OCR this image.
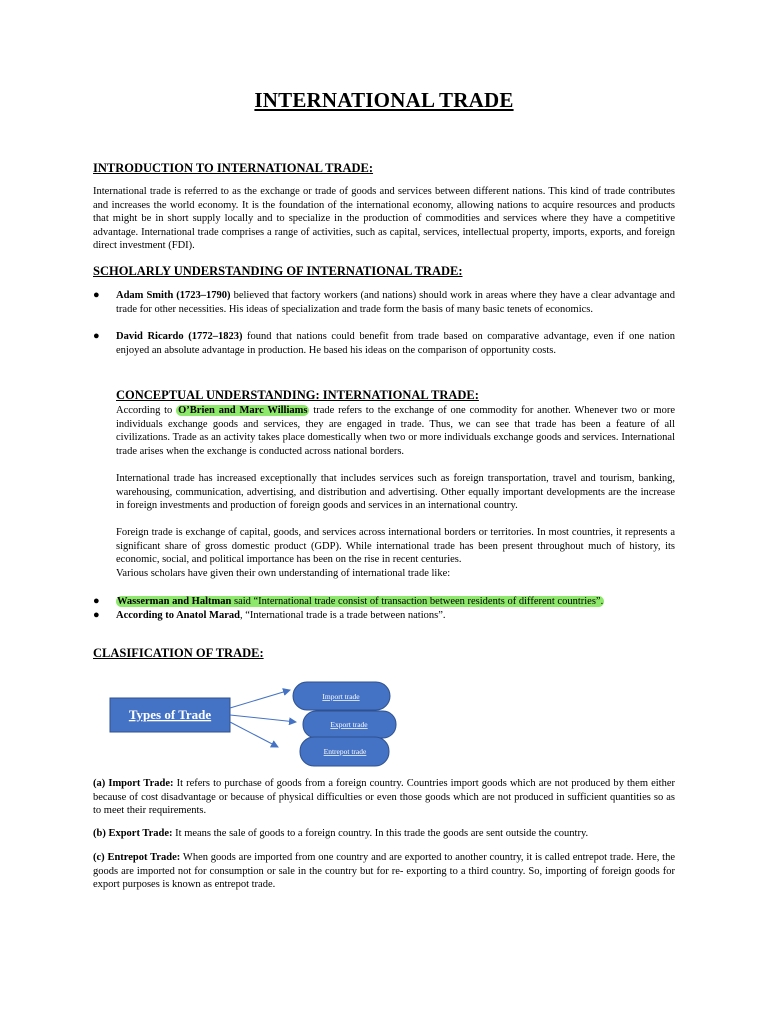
INTERNATIONAL TRADE
INTRODUCTION TO INTERNATIONAL TRADE:

International trade is referred to as the exchange or trade of goods and services between different nations. This kind of trade contributes and increases the world economy. It is the foundation of the international economy, allowing nations to acquire resources and products that might be in short supply locally and to specialize in the production of commodities and services where they have a competitive advantage. International trade comprises a range of activities, such as capital, services, intellectual property, imports, exports, and foreign direct investment (FDI).

SCHOLARLY UNDERSTANDING OF INTERNATIONAL TRADE:
● Adam Smith (1723–1790) believed that factory workers (and nations) should work in areas where they have a clear advantage and trade for other necessities. His ideas of specialization and trade form the basis of many basic tenets of economics.
● David Ricardo (1772–1823) found that nations could benefit from trade based on comparative advantage, even if one nation enjoyed an absolute advantage in production. He based his ideas on the comparison of opportunity costs.
CONCEPTUAL UNDERSTANDING: INTERNATIONAL TRADE:

According to O’Brien and Marc Williams trade refers to the exchange of one commodity for another. Whenever two or more individuals exchange goods and services, they are engaged in trade. Thus, we can see that trade has been a feature of all civilizations. Trade as an activity takes place domestically when two or more individuals exchange goods and services. International trade arises when the exchange is conducted across national borders.

International trade has increased exceptionally that includes services such as foreign transportation, travel and tourism, banking, warehousing, communication, advertising, and distribution and advertising. Other equally important developments are the increase in foreign investments and production of foreign goods and services in an international country.

Foreign trade is exchange of capital, goods, and services across international borders or territories. In most countries, it represents a significant share of gross domestic product (GDP). While international trade has been present throughout much of history, its economic, social, and political importance has been on the rise in recent centuries.

Various scholars have given their own understanding of international trade like:

● Wasserman and Haltman said “International trade consist of transaction between residents of different countries”.
● According to Anatol Marad, “International trade is a trade between nations”.
CLASIFICATION OF TRADE:
Types of Trade
Import trade
Export trade
Entrepot trade

(a) Import Trade: It refers to purchase of goods from a foreign country. Countries import goods which are not produced by them either because of cost disadvantage or because of physical difficulties or even those goods which are not produced in sufficient quantities so as to meet their requirements.

(b) Export Trade: It means the sale of goods to a foreign country. In this trade the goods are sent outside the country.

(c) Entrepot Trade: When goods are imported from one country and are exported to another country, it is called entrepot trade. Here, the goods are imported not for consumption or sale in the country but for re- exporting to a third country. So, importing of foreign goods for export purposes is known as entrepot trade.
